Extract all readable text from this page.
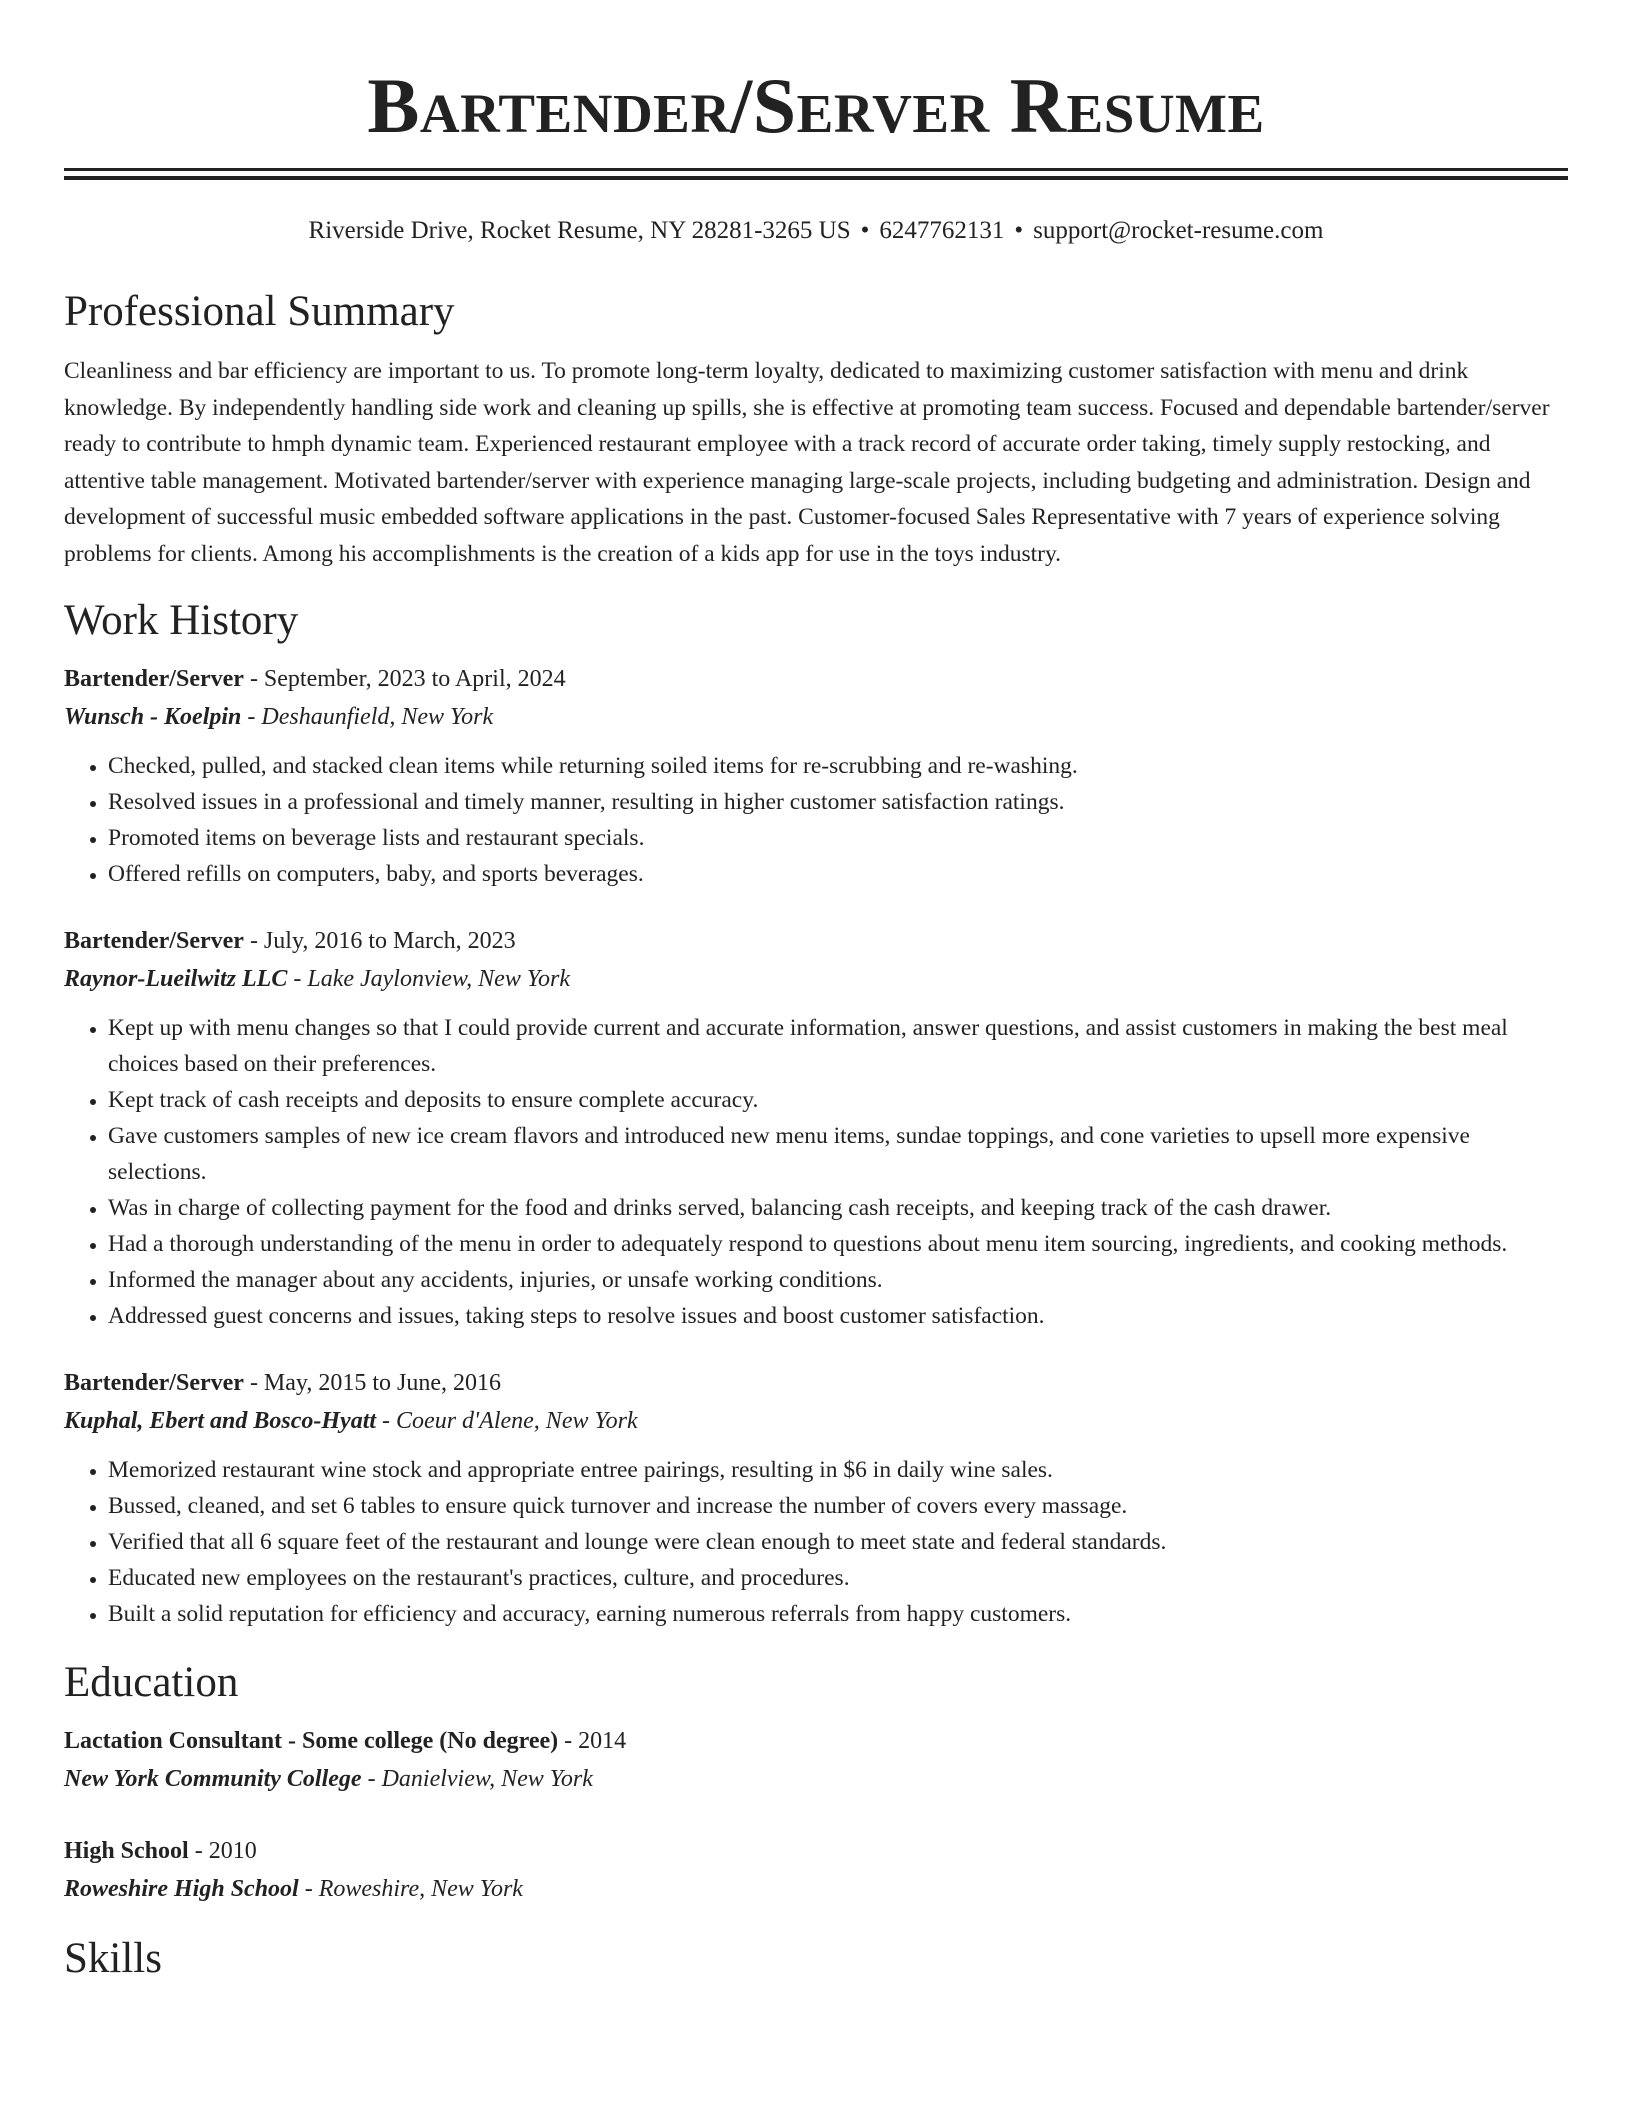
Bartender/Server Resume
Riverside Drive, Rocket Resume, NY 28281-3265 US • 6247762131 • support@rocket-resume.com
Professional Summary

Cleanliness and bar efficiency are important to us. To promote long-term loyalty, dedicated to maximizing customer satisfaction with menu and drink knowledge. By independently handling side work and cleaning up spills, she is effective at promoting team success. Focused and dependable bartender/server ready to contribute to hmph dynamic team. Experienced restaurant employee with a track record of accurate order taking, timely supply restocking, and attentive table management. Motivated bartender/server with experience managing large-scale projects, including budgeting and administration. Design and development of successful music embedded software applications in the past. Customer-focused Sales Representative with 7 years of experience solving problems for clients. Among his accomplishments is the creation of a kids app for use in the toys industry.

Work History
Bartender/Server - September, 2023 to April, 2024
Wunsch - Koelpin - Deshaunfield, New York
• Checked, pulled, and stacked clean items while returning soiled items for re-scrubbing and re-washing.
• Resolved issues in a professional and timely manner, resulting in higher customer satisfaction ratings.
• Promoted items on beverage lists and restaurant specials.
• Offered refills on computers, baby, and sports beverages.
Bartender/Server - July, 2016 to March, 2023
Raynor-Lueilwitz LLC - Lake Jaylonview, New York
• Kept up with menu changes so that I could provide current and accurate information, answer questions, and assist customers in making the best meal choices based on their preferences.
• Kept track of cash receipts and deposits to ensure complete accuracy.
• Gave customers samples of new ice cream flavors and introduced new menu items, sundae toppings, and cone varieties to upsell more expensive selections.
• Was in charge of collecting payment for the food and drinks served, balancing cash receipts, and keeping track of the cash drawer.
• Had a thorough understanding of the menu in order to adequately respond to questions about menu item sourcing, ingredients, and cooking methods.
• Informed the manager about any accidents, injuries, or unsafe working conditions.
• Addressed guest concerns and issues, taking steps to resolve issues and boost customer satisfaction.
Bartender/Server - May, 2015 to June, 2016
Kuphal, Ebert and Bosco-Hyatt - Coeur d'Alene, New York
• Memorized restaurant wine stock and appropriate entree pairings, resulting in $6 in daily wine sales.
• Bussed, cleaned, and set 6 tables to ensure quick turnover and increase the number of covers every massage.
• Verified that all 6 square feet of the restaurant and lounge were clean enough to meet state and federal standards.
• Educated new employees on the restaurant's practices, culture, and procedures.
• Built a solid reputation for efficiency and accuracy, earning numerous referrals from happy customers.
Education
Lactation Consultant - Some college (No degree) - 2014
New York Community College - Danielview, New York
High School - 2010
Roweshire High School - Roweshire, New York
Skills
